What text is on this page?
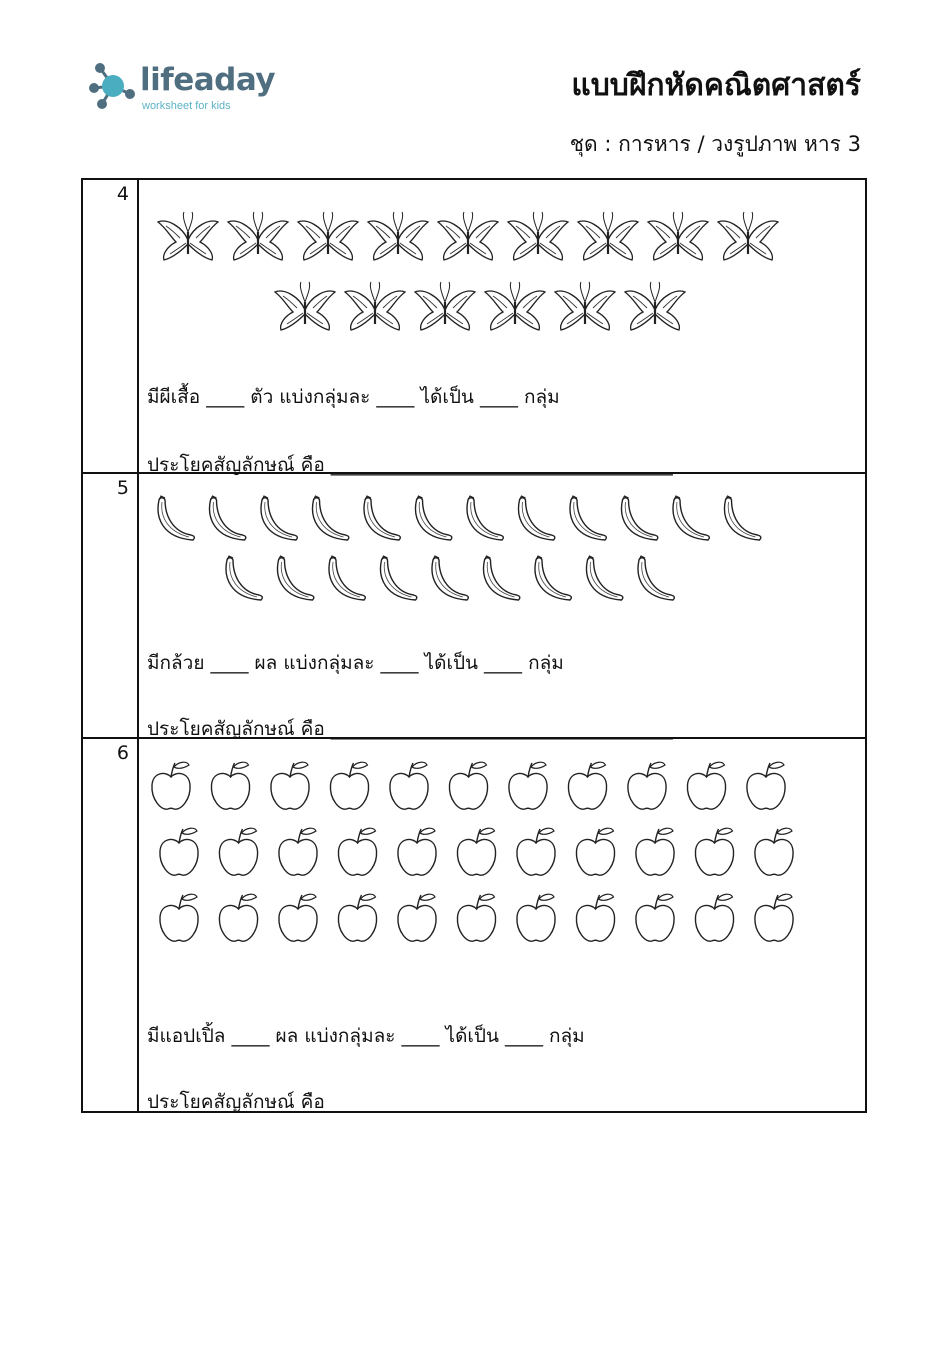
lifeaday
worksheet for kids
แบบฝึกหัดคณิตศาสตร์
ชุด : การหาร / วงรูปภาพ หาร 3
4
มีผีเสื้อ ____ ตัว แบ่งกลุ่มละ ____ ได้เป็น ____ กลุ่ม
ประโยคสัญลักษณ์ คือ ____________________________________
5
มีกล้วย ____ ผล แบ่งกลุ่มละ ____ ได้เป็น ____ กลุ่ม
ประโยคสัญลักษณ์ คือ ____________________________________
6
มีแอปเปิ้ล ____ ผล แบ่งกลุ่มละ ____ ได้เป็น ____ กลุ่ม
ประโยคสัญลักษณ์ คือ ____________________________________
